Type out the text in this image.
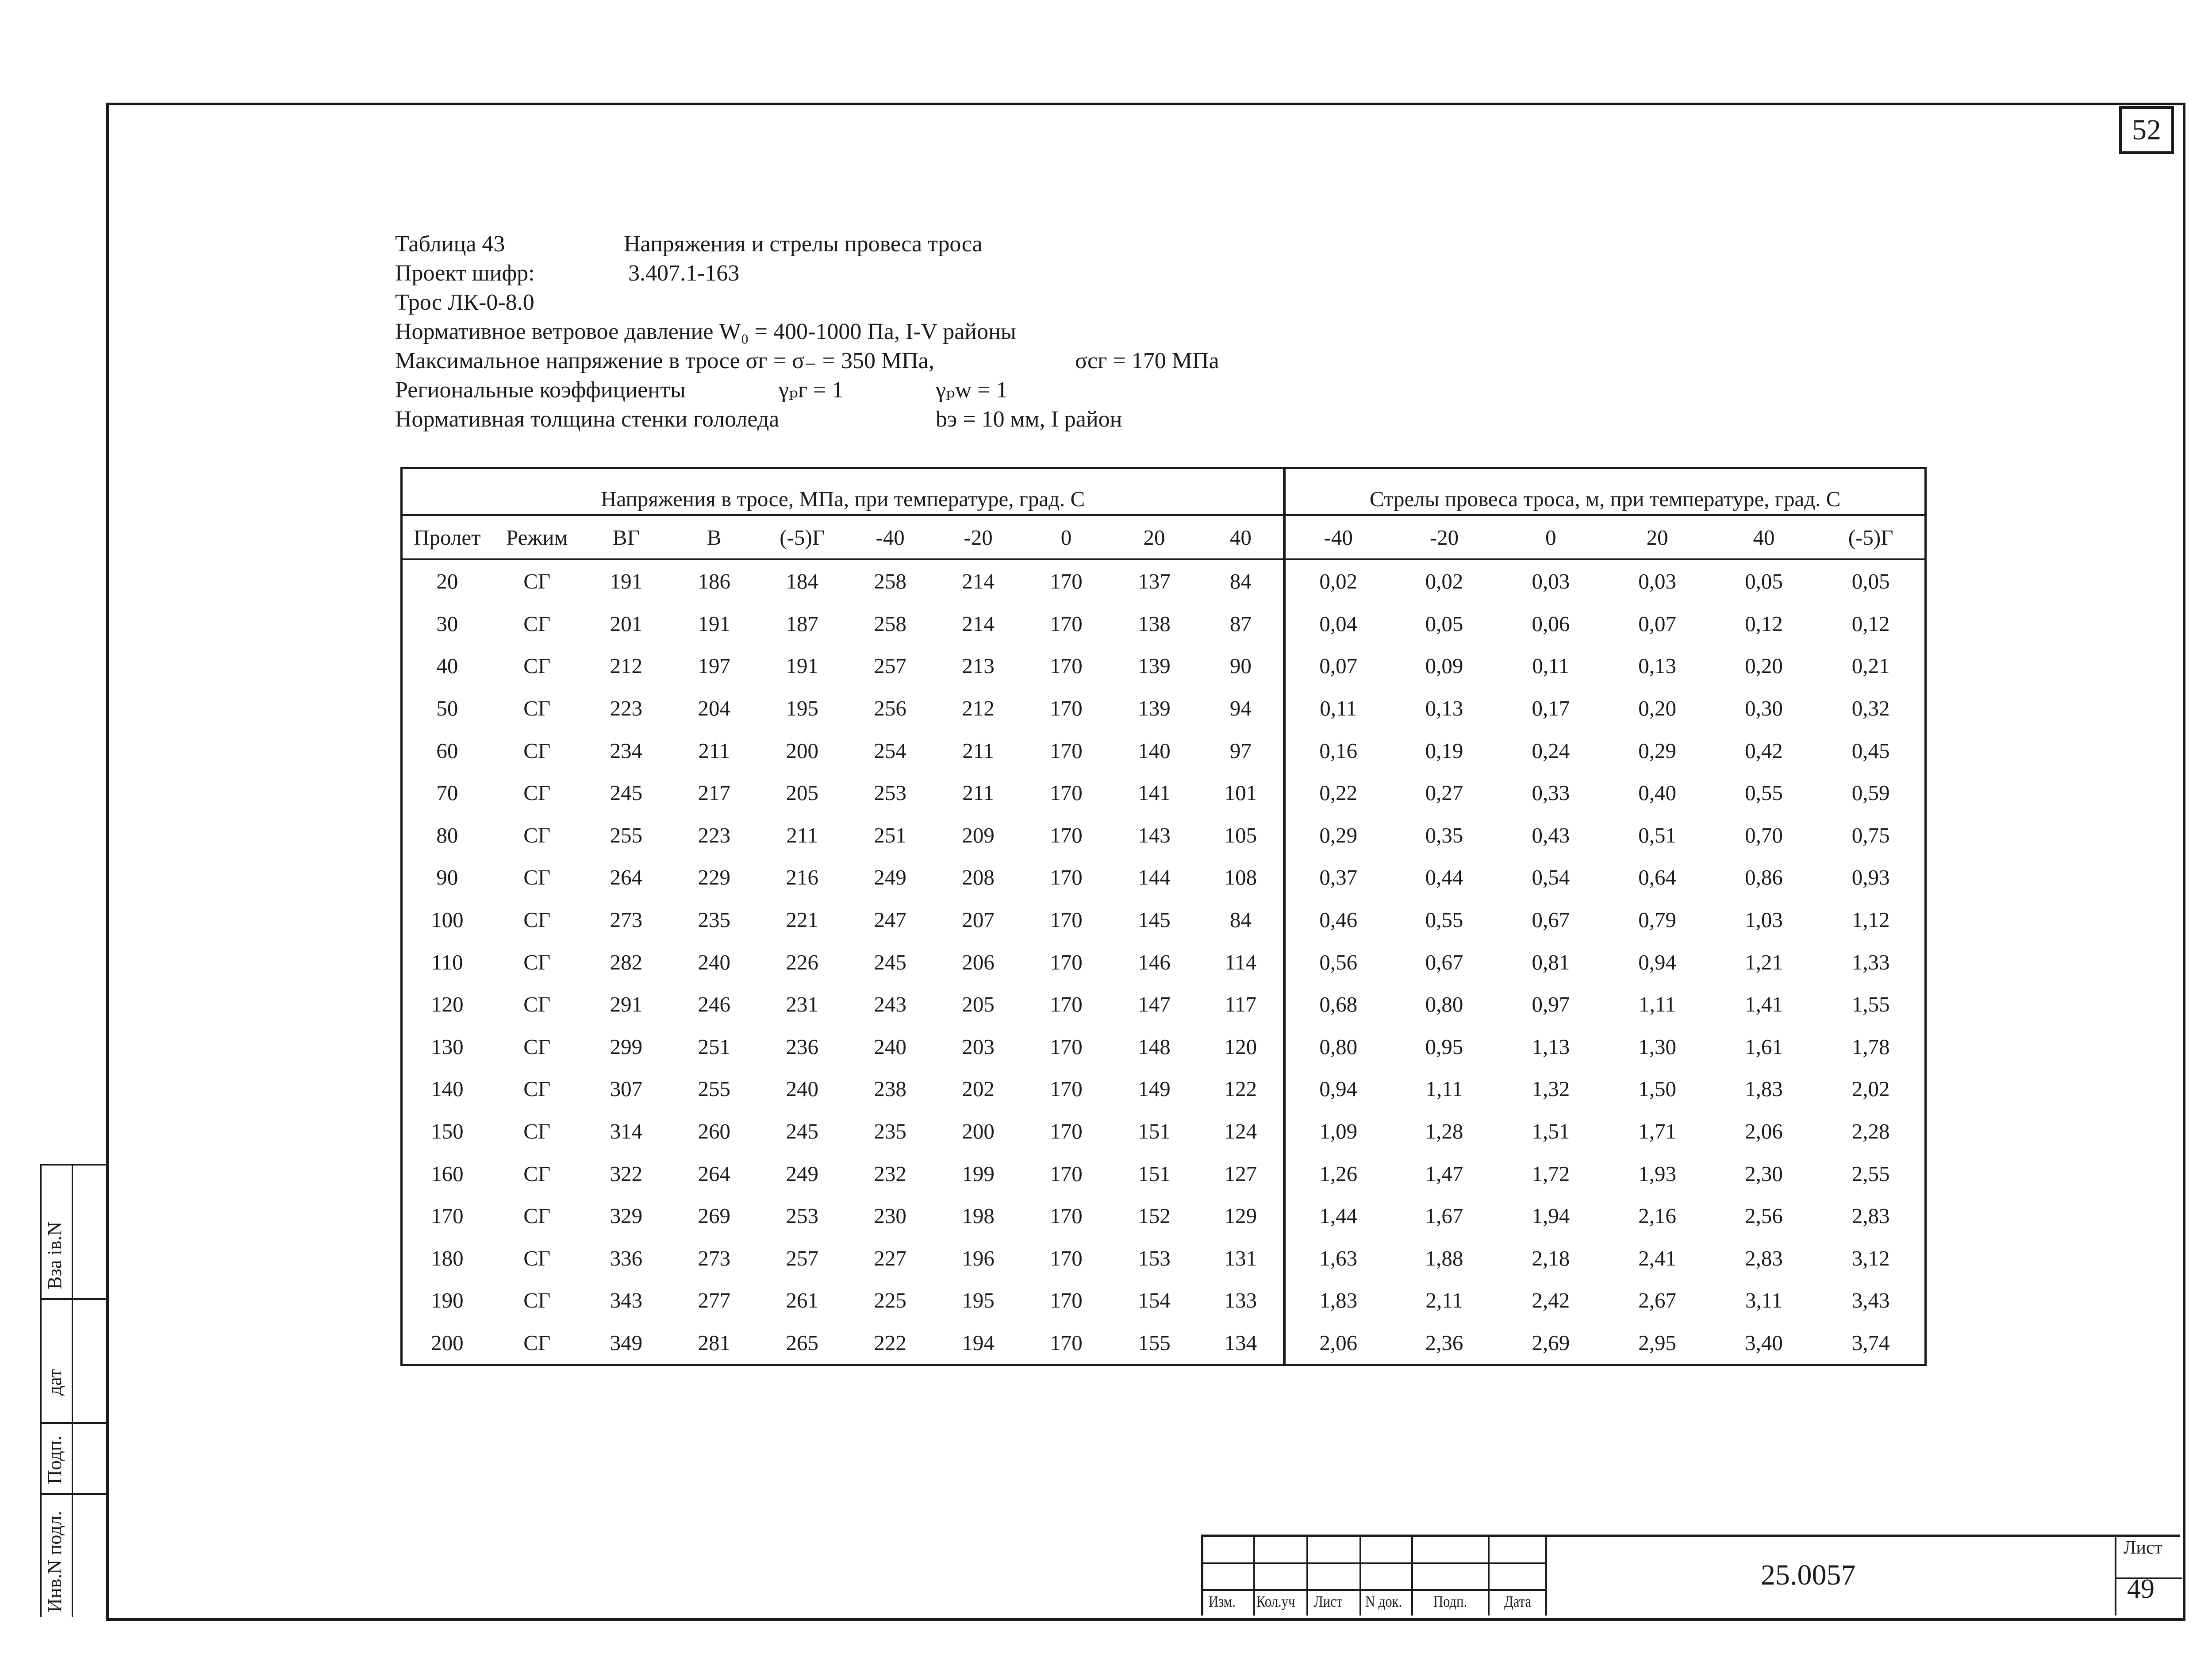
52
Таблица 43	Напряжения и стрелы провеса троса
Проект шифр:	3.407.1-163
Трос ЛК-0-8.0
Нормативное ветровое давление W₀ = 400-1000 Па, I-V районы
Максимальное напряжение в тросе σг = σ₋ = 350 МПа,	σсг = 170 МПа
Региональные коэффициенты	γₚг = 1	γₚw = 1
Нормативная толщина стенки гололеда	bэ = 10 мм, I район
Напряжения в тросе, МПа, при температуре, град. С										Стрелы провеса троса, м, при температуре, град. С					
Пролет	Режим	ВГ	В	(-5)Г	-40	-20	0	20	40	-40	-20	0	20	40	(-5)Г
20	СГ	191	186	184	258	214	170	137	84	0,02	0,02	0,03	0,03	0,05	0,05
30	СГ	201	191	187	258	214	170	138	87	0,04	0,05	0,06	0,07	0,12	0,12
40	СГ	212	197	191	257	213	170	139	90	0,07	0,09	0,11	0,13	0,20	0,21
50	СГ	223	204	195	256	212	170	139	94	0,11	0,13	0,17	0,20	0,30	0,32
60	СГ	234	211	200	254	211	170	140	97	0,16	0,19	0,24	0,29	0,42	0,45
70	СГ	245	217	205	253	211	170	141	101	0,22	0,27	0,33	0,40	0,55	0,59
80	СГ	255	223	211	251	209	170	143	105	0,29	0,35	0,43	0,51	0,70	0,75
90	СГ	264	229	216	249	208	170	144	108	0,37	0,44	0,54	0,64	0,86	0,93
100	СГ	273	235	221	247	207	170	145	84	0,46	0,55	0,67	0,79	1,03	1,12
110	СГ	282	240	226	245	206	170	146	114	0,56	0,67	0,81	0,94	1,21	1,33
120	СГ	291	246	231	243	205	170	147	117	0,68	0,80	0,97	1,11	1,41	1,55
130	СГ	299	251	236	240	203	170	148	120	0,80	0,95	1,13	1,30	1,61	1,78
140	СГ	307	255	240	238	202	170	149	122	0,94	1,11	1,32	1,50	1,83	2,02
150	СГ	314	260	245	235	200	170	151	124	1,09	1,28	1,51	1,71	2,06	2,28
160	СГ	322	264	249	232	199	170	151	127	1,26	1,47	1,72	1,93	2,30	2,55
170	СГ	329	269	253	230	198	170	152	129	1,44	1,67	1,94	2,16	2,56	2,83
180	СГ	336	273	257	227	196	170	153	131	1,63	1,88	2,18	2,41	2,83	3,12
190	СГ	343	277	261	225	195	170	154	133	1,83	2,11	2,42	2,67	3,11	3,43
200	СГ	349	281	265	222	194	170	155	134	2,06	2,36	2,69	2,95	3,40	3,74
Вза ів.N
дат
Подп.
Инв.N подл.	Изм. Кол.уч Лист N док. Подп. Дата
25.0057
Лист
49
